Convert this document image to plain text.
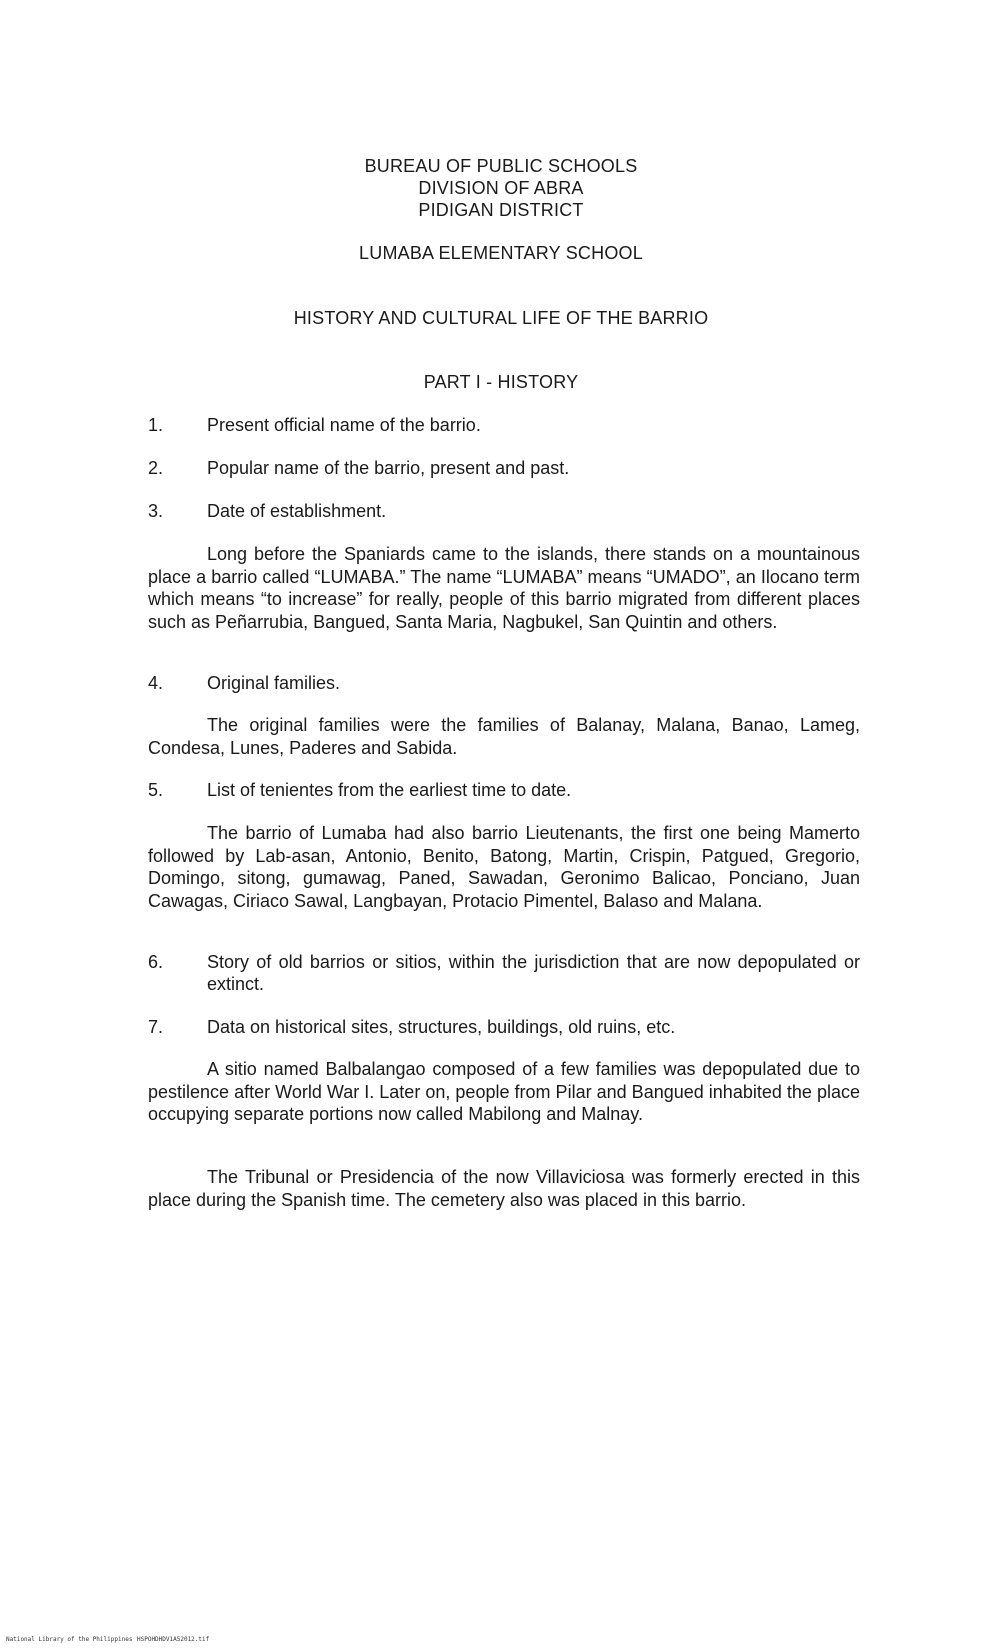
BUREAU OF PUBLIC SCHOOLS
DIVISION OF ABRA
PIDIGAN DISTRICT
LUMABA ELEMENTARY SCHOOL
HISTORY AND CULTURAL LIFE OF THE BARRIO
PART I - HISTORY
1.	Present official name of the barrio.
2.	Popular name of the barrio, present and past.
3.	Date of establishment.
Long before the Spaniards came to the islands, there stands on a mountainous place a barrio called “LUMABA.” The name “LUMABA” means “UMADO”, an Ilocano term which means “to increase” for really, people of this barrio migrated from different places such as Peñarrubia, Bangued, Santa Maria, Nagbukel, San Quintin and others.
4.	Original families.
The original families were the families of Balanay, Malana, Banao, Lameg, Condesa, Lunes, Paderes and Sabida.
5.	List of tenientes from the earliest time to date.
The barrio of Lumaba had also barrio Lieutenants, the first one being Mamerto followed by Lab-asan, Antonio, Benito, Batong, Martin, Crispin, Patgued, Gregorio, Domingo, sitong, gumawag, Paned, Sawadan, Geronimo Balicao, Ponciano, Juan Cawagas, Ciriaco Sawal, Langbayan, Protacio Pimentel, Balaso and Malana.
6.	Story of old barrios or sitios, within the jurisdiction that are now depopulated or extinct.
7.	Data on historical sites, structures, buildings, old ruins, etc.
A sitio named Balbalangao composed of a few families was depopulated due to pestilence after World War I. Later on, people from Pilar and Bangued inhabited the place occupying separate portions now called Mabilong and Malnay.
The Tribunal or Presidencia of the now Villaviciosa was formerly erected in this place during the Spanish time. The cemetery also was placed in this barrio.
National Library of the Philippines HSPOHDHDV1A52012.tif
